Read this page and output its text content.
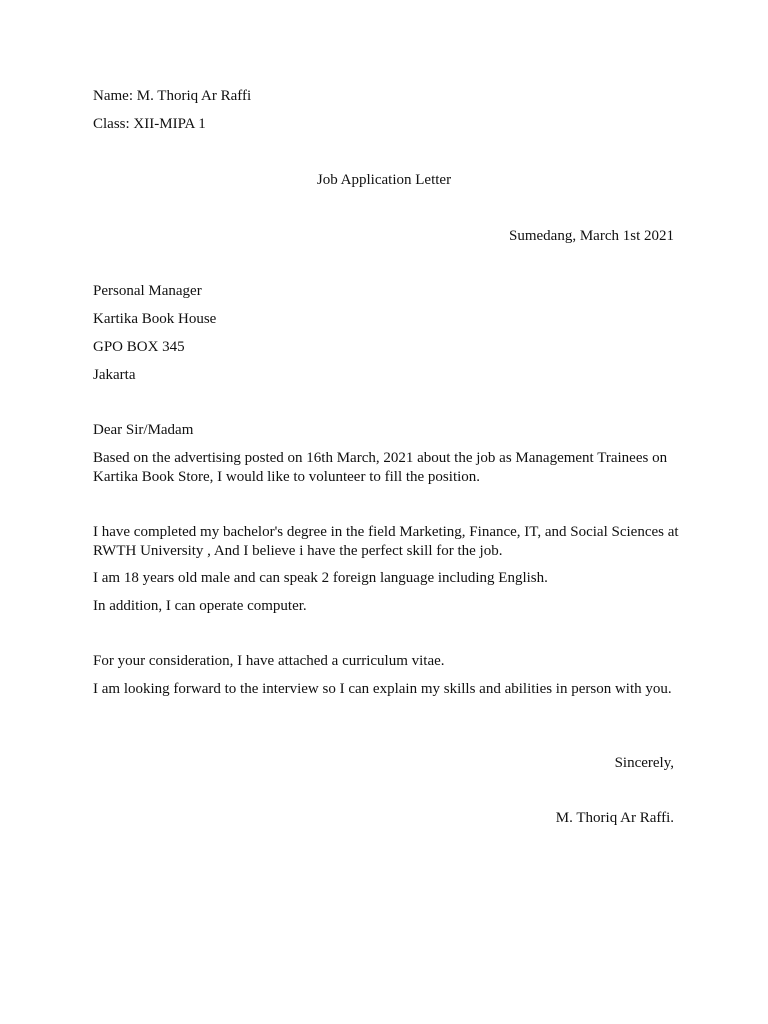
Name: M. Thoriq Ar Raffi
Class: XII-MIPA 1
Job Application Letter
Sumedang, March 1st 2021
Personal Manager
Kartika Book House
GPO BOX 345
Jakarta
Dear Sir/Madam
Based on the advertising posted on 16th March, 2021 about the job as Management Trainees on Kartika Book Store, I would like to volunteer to fill the position.
I have completed my bachelor's degree in the field Marketing, Finance, IT, and Social Sciences at RWTH University , And I believe i have the perfect skill for the job.
I am 18 years old male and can speak 2 foreign language including English.
In addition, I can operate computer.
For your consideration, I have attached a curriculum vitae.
I am looking forward to the interview so I can explain my skills and abilities in person with you.
Sincerely,
M. Thoriq Ar Raffi.
